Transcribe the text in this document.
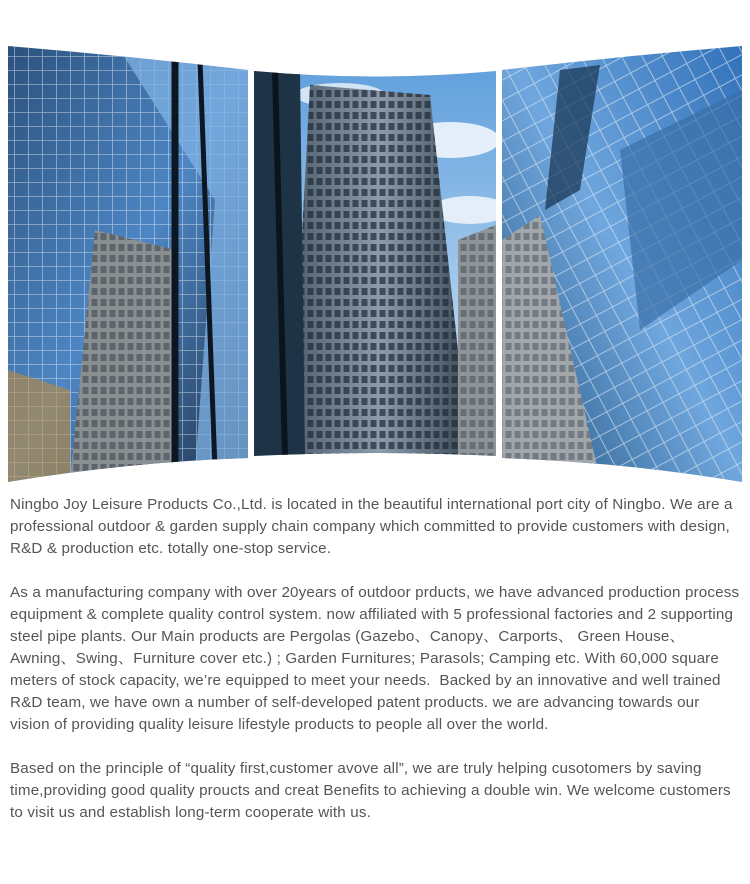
Ningbo Joy Leisure Products Co.,Ltd. is located in the beautiful international port city of Ningbo. We are a professional outdoor & garden supply chain company which committed to provide customers with design, R&D & production etc. totally one-stop service.

As a manufacturing company with over 20years of outdoor prducts, we have advanced production process equipment & complete quality control system. now affiliated with 5 professional factories and 2 supporting steel pipe plants. Our Main products are Pergolas (Gazebo、Canopy、Carports、 Green House、Awning、Swing、Furniture cover etc.) ; Garden Furnitures; Parasols; Camping etc. With 60,000 square meters of stock capacity, we’re equipped to meet your needs.  Backed by an innovative and well trained R&D team, we have own a number of self-developed patent products. we are advancing towards our vision of providing quality leisure lifestyle products to people all over the world.

Based on the principle of “quality first,customer avove all”, we are truly helping cusotomers by saving time,providing good quality proucts and creat Benefits to achieving a double win. We welcome customers to visit us and establish long-term cooperate with us.
